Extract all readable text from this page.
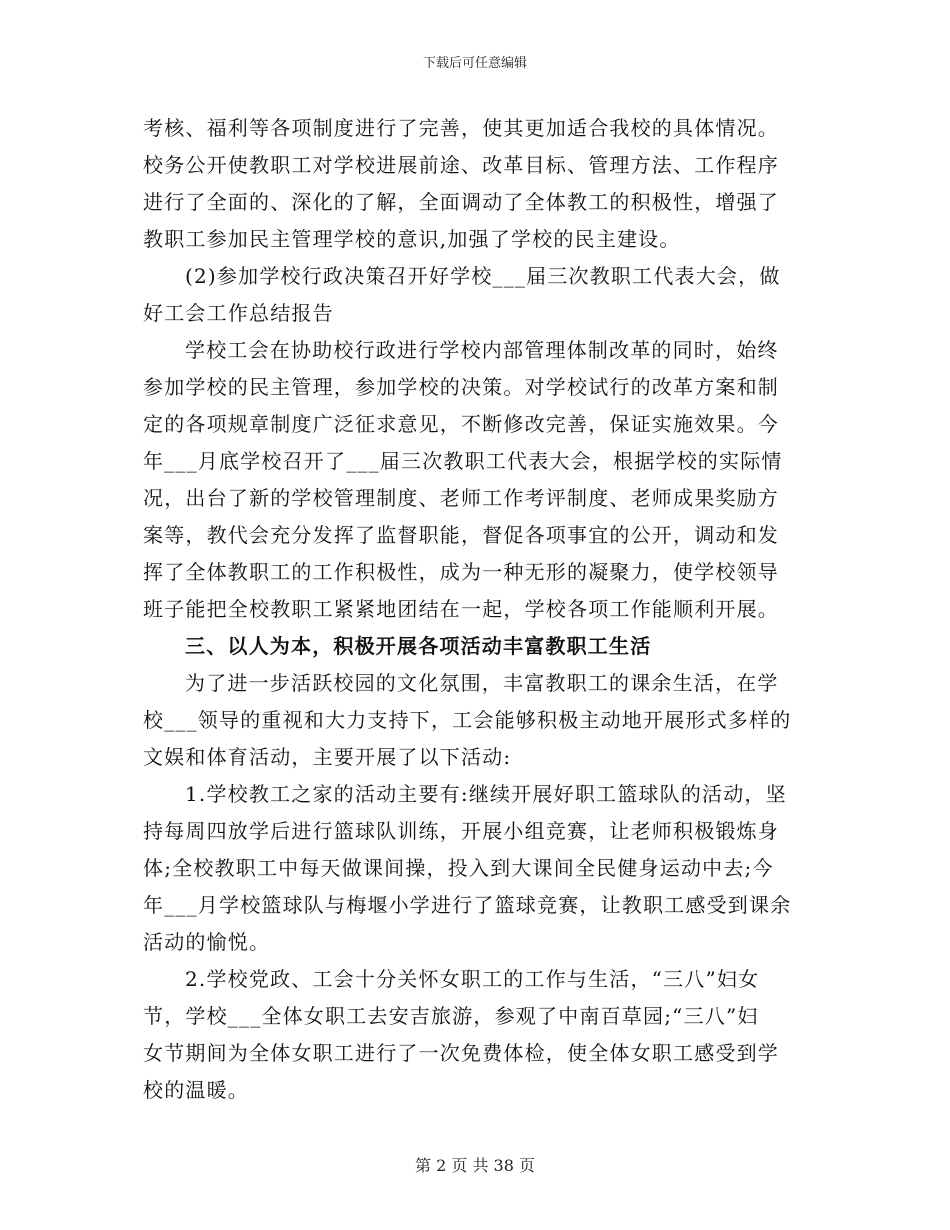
下载后可任意编辑
考核、福利等各项制度进行了完善，使其更加适合我校的具体情况。
校务公开使教职工对学校进展前途、改革目标、管理方法、工作程序
进行了全面的、深化的了解，全面调动了全体教工的积极性，增强了
教职工参加民主管理学校的意识,加强了学校的民主建设。
(2)参加学校行政决策召开好学校___届三次教职工代表大会，做
好工会工作总结报告
学校工会在协助校行政进行学校内部管理体制改革的同时，始终
参加学校的民主管理，参加学校的决策。对学校试行的改革方案和制
定的各项规章制度广泛征求意见，不断修改完善，保证实施效果。今
年___月底学校召开了___届三次教职工代表大会，根据学校的实际情
况，出台了新的学校管理制度、老师工作考评制度、老师成果奖励方
案等，教代会充分发挥了监督职能，督促各项事宜的公开，调动和发
挥了全体教职工的工作积极性，成为一种无形的凝聚力，使学校领导
班子能把全校教职工紧紧地团结在一起，学校各项工作能顺利开展。
三、以人为本，积极开展各项活动丰富教职工生活
为了进一步活跃校园的文化氛围，丰富教职工的课余生活，在学
校___领导的重视和大力支持下，工会能够积极主动地开展形式多样的
文娱和体育活动，主要开展了以下活动:
1.学校教工之家的活动主要有:继续开展好职工篮球队的活动，坚
持每周四放学后进行篮球队训练，开展小组竞赛，让老师积极锻炼身
体;全校教职工中每天做课间操，投入到大课间全民健身运动中去;今
年___月学校篮球队与梅堰小学进行了篮球竞赛，让教职工感受到课余
活动的愉悦。
2.学校党政、工会十分关怀女职工的工作与生活，“三八”妇女
节，学校___全体女职工去安吉旅游，参观了中南百草园;“三八”妇
女节期间为全体女职工进行了一次免费体检，使全体女职工感受到学
校的温暖。
第 2 页 共 38 页
